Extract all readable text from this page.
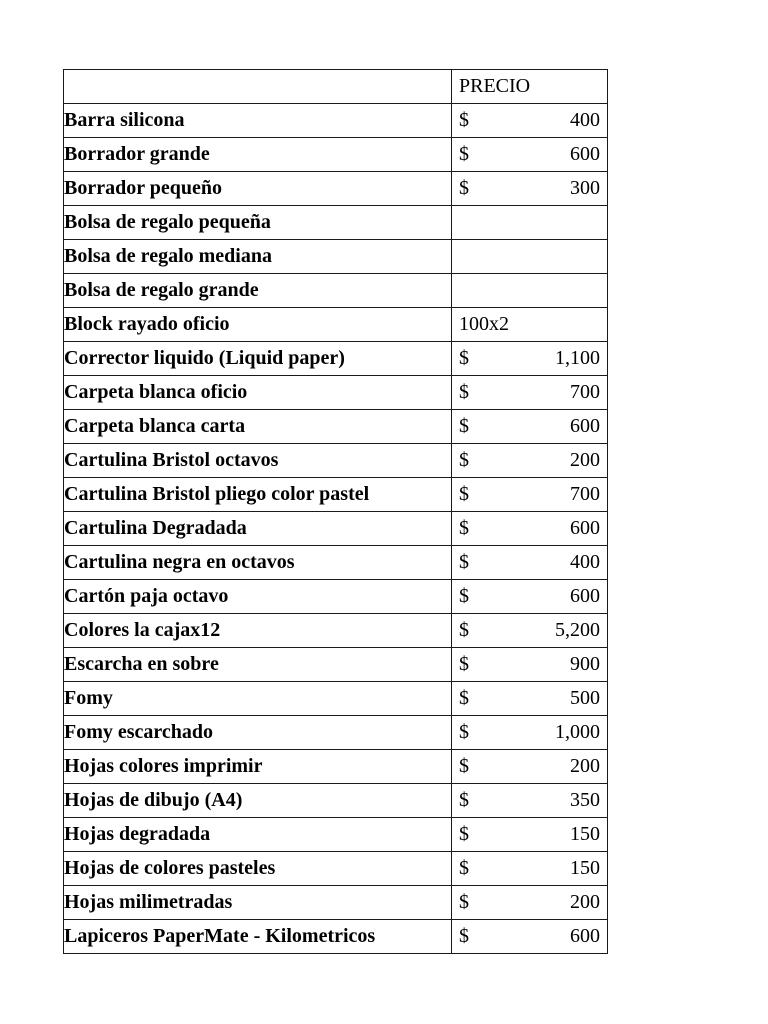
	PRECIO

Barra silicona	$ 400

Borrador grande	$ 600

Borrador pequeño	$ 300

Bolsa de regalo pequeña	
Bolsa de regalo mediana	
Bolsa de regalo grande	
Block rayado oficio	100x2

Corrector liquido (Liquid paper)	$ 1,100

Carpeta blanca oficio	$ 700

Carpeta blanca carta	$ 600

Cartulina Bristol octavos	$ 200

Cartulina Bristol pliego color pastel	$ 700

Cartulina Degradada	$ 600

Cartulina negra en octavos	$ 400

Cartón paja octavo	$ 600

Colores la cajax12	$ 5,200

Escarcha en sobre	$ 900

Fomy	$ 500

Fomy escarchado	$ 1,000

Hojas colores imprimir	$ 200

Hojas de dibujo (A4)	$ 350

Hojas degradada	$ 150

Hojas de colores pasteles	$ 150

Hojas milimetradas	$ 200

Lapiceros PaperMate - Kilometricos	$ 600
